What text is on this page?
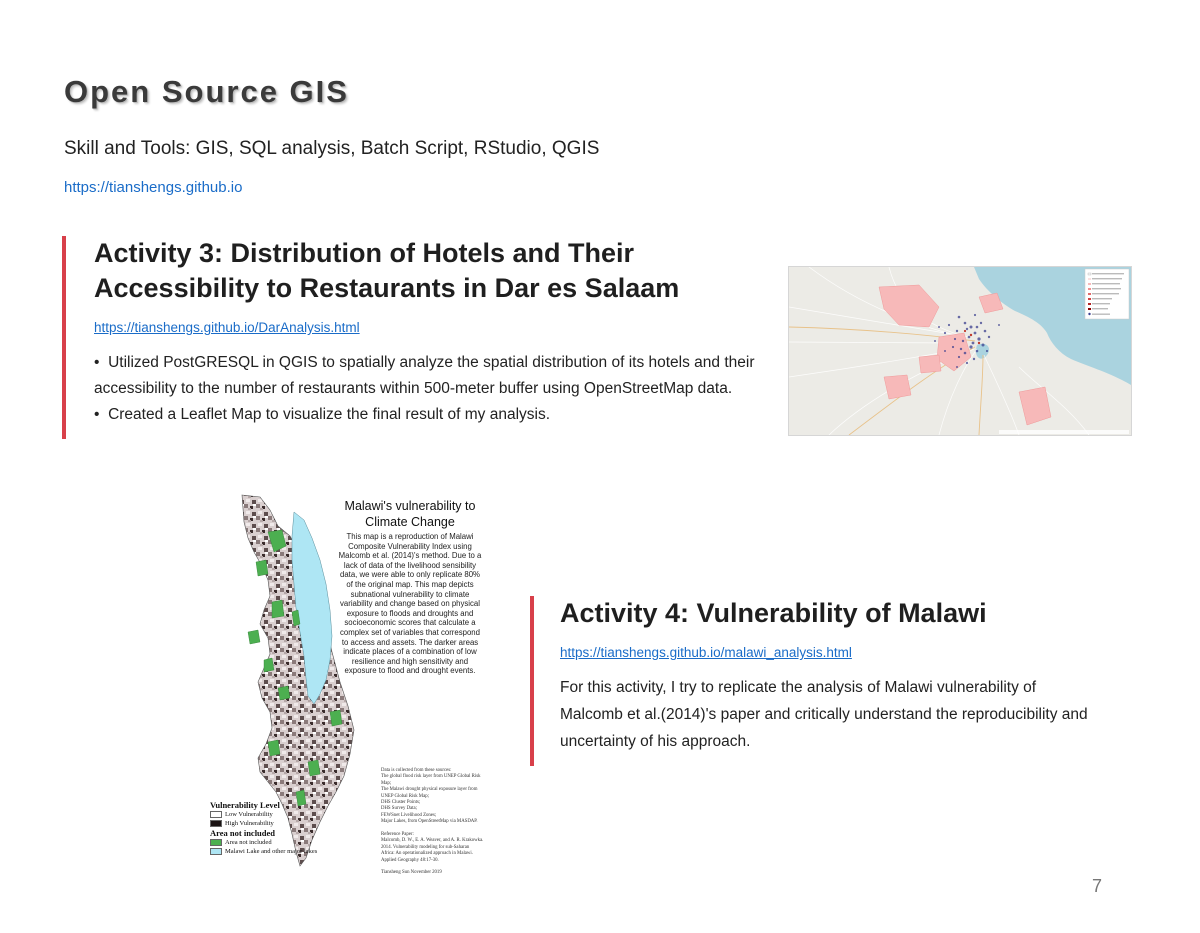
Open Source GIS
Skill and Tools: GIS, SQL analysis, Batch Script, RStudio, QGIS
https://tianshengs.github.io
Activity 3: Distribution of Hotels and Their
Accessibility to Restaurants in Dar es Salaam
https://tianshengs.github.io/DarAnalysis.html

• Utilized PostGRESQL in QGIS to spatially analyze the spatial distribution of its hotels and their

accessibility to the number of restaurants within 500-meter buffer using OpenStreetMap data.

• Created a Leaflet Map to visualize the final result of my analysis.

Malawi's vulnerability to
Climate Change
This map is a reproduction of Malawi
Composite Vulnerability Index using
Malcomb et al. (2014)'s method. Due to a
lack of data of the livelihood sensibility
data, we were able to only replicate 80%
of the original map. This map depicts
subnational vulnerability to climate
variability and change based on physical
exposure to floods and droughts and
socioeconomic scores that calculate a
complex set of variables that correspond
to access and assets. The darker areas
indicate places of a combination of low
resilience and high sensitivity and
exposure to flood and drought events.

Data is collected from these sources:

The global flood risk layer from UNEP Global Risk

Map;

The Malawi drought physical exposure layer from

UNEP Global Risk Map;

DHS Cluster Points;

DHS Survey Data;

FEWSnet Livelihood Zones;

Major Lakes, from OpenStreetMap via MASDAP.

Reference Paper:

Malcomb, D. W., E. A. Weaver, and A. R. Krakowka.

2014. Vulnerability modeling for sub-Saharan

Africa: An operationalized approach in Malawi.

Applied Geography 48:17-30.

Tiansheng Sun November 2019

Vulnerability Level
Low Vulnerability
High Vulnerability
Area not included
Area not included
Malawi Lake and other major lakes
Activity 4: Vulnerability of Malawi
https://tianshengs.github.io/malawi_analysis.html
For this activity, I try to replicate the analysis of Malawi vulnerability of
Malcomb et al.(2014)'s paper and critically understand the reproducibility and
uncertainty of his approach.
7
